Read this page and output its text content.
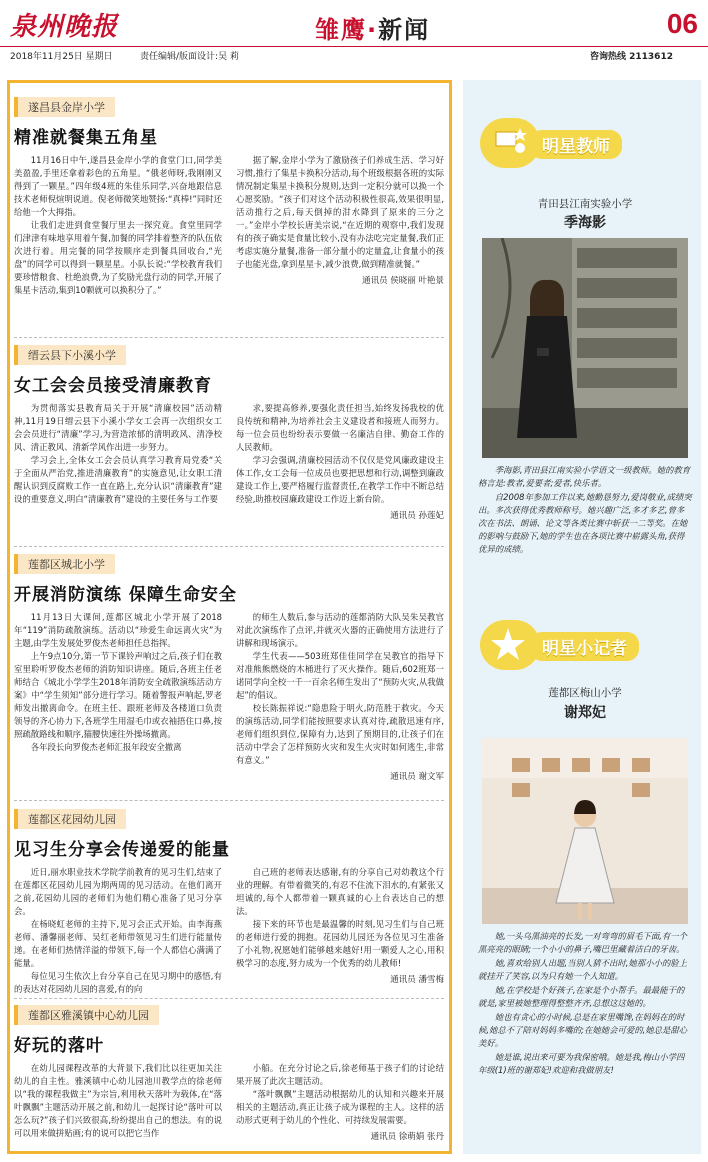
泉州晚报	雏鹰·新闻	06
2018年11月25日 星期日	责任编辑/版面设计:吴 莉	咨询热线 2113612
遂昌县金岸小学
精准就餐集五角星

11月16日中午,遂昌县金岸小学的食堂门口,同学美美盈盈,手里还拿着彩色的五角星。“俄老师呀,我刚刚又得到了一颗星。”四年级4班的朱佳乐同学,兴奋地跟信息技术老师倪煊明说道。倪老师微笑地赞扬:“真棒!”同时还给他一个大拇指。

让我们走进到食堂餐厅里去一探究竟。食堂里同学们津津有味地享用着午餐,加餐的同学排着整齐的队伍依次进行着。用完餐的同学按顺序走到餐具回收台,“光盘”的同学可以得到一颗星星。小队长说:“学校教育我们要珍惜粮食、杜绝浪费,为了奖励光盘行动的同学,开展了集星卡活动,集到10颗就可以换积分了。”

据了解,金岸小学为了激励孩子们养成生活、学习好习惯,推行了集星卡换积分活动,每个班级根据各班的实际情况制定集星卡换积分规则,达到一定积分就可以换一个心愿奖励。“孩子们对这个活动积极性很高,效果很明显,活动推行之后,每天倒掉的泔水降到了原来的三分之一。”金岸小学校长唐美宗说,“在近期的观察中,我们发现有的孩子确实是食量比较小,没有办法吃完定量餐,我们正考虑实施分量餐,准备一部分量小的定量盒,让食量小的孩子也能光盘,拿到星星卡,减少浪费,做到精准就餐。”

通讯员 侯晓丽 叶艳景
缙云县下小溪小学
女工会会员接受清廉教育

为贯彻落实县教育局关于开展“清廉校园”活动精神,11月19日缙云县下小溪小学女工会再一次组织女工会会员进行“清廉”学习,为营造浓郁的清明政风、清净校风、清正教风、清新学风作出进一步努力。

学习会上,全体女工会会员认真学习教育局党委“关于全面从严治党,推进清廉教育”的实施意见,让女职工清醒认识到反腐败工作一直在路上,充分认识“清廉教育”建设的重要意义,明白“清廉教育”建设的主要任务与工作要

求,要提高修养,要强化责任担当,始终发扬我校的优良传统和精神,为培养社会主义建设者和接班人而努力。每一位会员也纷纷表示要做一名廉洁自律、勤奋工作的人民教师。

学习会强调,清廉校园活动不仅仅是党风廉政建设主体工作,女工会每一位成员也要把思想和行动,调整到廉政建设工作上,要严格履行监督责任,在教学工作中不断总结经验,助推校园廉政建设工作迈上新台阶。

通讯员 孙莲妃
莲都区城北小学
开展消防演练 保障生命安全

11月13日大课间,莲都区城北小学开展了2018年“119”消防疏散演练。活动以“珍爱生命远离火灾”为主题,由学生发展处罗俊杰老师担任总指挥。

上午9点10分,第一节下课铃声响过之后,孩子们在教室里聆听罗俊杰老师的消防知识讲座。随后,各班主任老师结合《城北小学学生2018年消防安全疏散演练活动方案》中“学生须知”部分进行学习。随着警报声响起,罗老师发出撤离命令。在班主任、跟班老师及各楼道口负责领导的齐心协力下,各班学生用湿毛巾或衣袖捂住口鼻,按照疏散路线和顺序,猫腰快速往外操场撤离。

各年段长向罗俊杰老师汇报年段安全撤离

的师生人数后,参与活动的莲都消防大队吴朱吴教官对此次演练作了点评,并就灭火器的正确使用方法进行了讲解和现场演示。

学生代表——503班郑佳佳同学在吴教官的指导下对准熊熊燃烧的木桶进行了灭火操作。随后,602班郑一诺同学向全校一千一百余名师生发出了“预防火灾,从我做起”的倡议。

校长陈振祥说:“隐患险于明火,防范胜于救灾。今天的演练活动,同学们能按照要求认真对待,疏散迅速有序,老师们组织到位,保障有力,达到了预期目的,让孩子们在活动中学会了怎样预防火灾和发生火灾时如何逃生,非常有意义。”

通讯员 谢文军
莲都区花园幼儿园
见习生分享会传递爱的能量

近日,丽水职业技术学院学前教育的见习生们,结束了在莲都区花园幼儿园为期两周的见习活动。在他们离开之前,花园幼儿园的老师们为他们精心准备了见习分享会。

在杨晓虹老师的主持下,见习会正式开始。由李海燕老师、潘馨丽老师、吴红老师带领见习生们进行能量传递。在老师们热情洋溢的带领下,每一个人都信心满满了能量。

每位见习生依次上台分享自己在见习期中的感悟,有的表达对花园幼儿园的喜爱,有的向

自己班的老师表达感谢,有的分享自己对幼教这个行业的理解。有带着微笑的,有忍不住流下泪水的,有紧张又坦诚的,每个人都带着一颗真诚的心上台表达自己的想法。

接下来的环节也是最温馨的时刻,见习生们与自己班的老师进行爱的拥抱。花园幼儿园还为各位见习生准备了小礼物,祝愿她们能够越来越好!用一颗爱人之心,用积极学习的态度,努力成为一个优秀的幼儿教师!

通讯员 潘雪梅
莲都区雅溪镇中心幼儿园
好玩的落叶

在幼儿园课程改革的大背景下,我们比以往更加关注幼儿的自主性。雅溪镇中心幼儿园池川教学点的徐老师以“我的课程我做主”为宗旨,利用秋天落叶为载体,在“落叶飘飘”主题活动开展之前,和幼儿一起探讨论“落叶可以怎么玩?”孩子们兴致很高,纷纷提出自己的想法。有的说可以用来做拼贴画;有的说可以把它当作

小船。在充分讨论之后,徐老师基于孩子们的讨论结果开展了此次主题活动。

“落叶飘飘”主题活动根据幼儿的认知和兴趣来开展相关的主题活动,真正让孩子成为课程的主人。这样的活动形式更利于幼儿的个性化、可持续发展需要。

通讯员 徐萌娟 张丹
明星教师
青田县江南实验小学
季海影

季海影,青田县江南实验小学语文一级教师。她的教育格言是:教者,爱要者;爱者,快乐者。

自2008年参加工作以来,她勤恳努力,爱岗敬业,成绩突出。多次获得优秀教师称号。她兴趣广泛,多才多艺,曾多次在书法、朗诵、论文等各类比赛中斩获一二等奖。在她的影响与鼓励下,她的学生也在各项比赛中崭露头角,获得优异的成绩。

明星小记者
莲都区梅山小学
谢郑妃

她,一头乌黑油亮的长发,一对弯弯的眉毛下面,有一个黑亮亮的眼睛;一个小小的鼻子,嘴巴里藏着洁白的牙齿。

她,喜欢给别人出题,当别人猜不出时,她那小小的脸上就挂开了笑容,以为只有她一个人知道。

她,在学校是个好孩子,在家是个小帮手。最最能干的就是,家里被她整理得整整齐齐,总想这这她的。

她也有贪心的小时候,总是在家里嘴馋,在妈妈在的时候,她总不了陪对妈妈多嘴的;在她她会可爱的,她总是甜心美好。

她是谁,说出来可要为我保密哦。她是我,梅山小学四年级(1)班的谢郑妃!欢迎和我做朋友!
